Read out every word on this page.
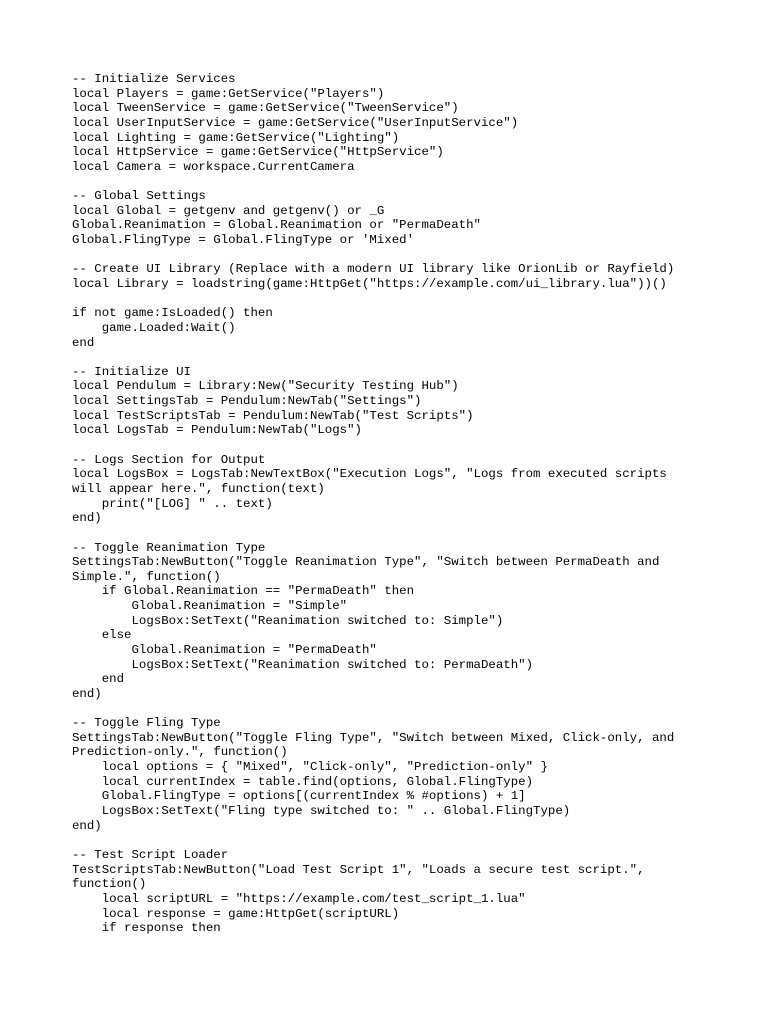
-- Initialize Services
local Players = game:GetService("Players")
local TweenService = game:GetService("TweenService")
local UserInputService = game:GetService("UserInputService")
local Lighting = game:GetService("Lighting")
local HttpService = game:GetService("HttpService")
local Camera = workspace.CurrentCamera
-- Global Settings
local Global = getgenv and getgenv() or _G
Global.Reanimation = Global.Reanimation or "PermaDeath"
Global.FlingType = Global.FlingType or 'Mixed'
-- Create UI Library (Replace with a modern UI library like OrionLib or Rayfield)
local Library = loadstring(game:HttpGet("https://example.com/ui_library.lua"))()
if not game:IsLoaded() then
game.Loaded:Wait()
end
-- Initialize UI
local Pendulum = Library:New("Security Testing Hub")
local SettingsTab = Pendulum:NewTab("Settings")
local TestScriptsTab = Pendulum:NewTab("Test Scripts")
local LogsTab = Pendulum:NewTab("Logs")
-- Logs Section for Output
local LogsBox = LogsTab:NewTextBox("Execution Logs", "Logs from executed scripts
will appear here.", function(text)
print("[LOG] " .. text)
end)
-- Toggle Reanimation Type
SettingsTab:NewButton("Toggle Reanimation Type", "Switch between PermaDeath and
Simple.", function()
if Global.Reanimation == "PermaDeath" then
Global.Reanimation = "Simple"
LogsBox:SetText("Reanimation switched to: Simple")
else
Global.Reanimation = "PermaDeath"
LogsBox:SetText("Reanimation switched to: PermaDeath")
end
end)
-- Toggle Fling Type
SettingsTab:NewButton("Toggle Fling Type", "Switch between Mixed, Click-only, and
Prediction-only.", function()
local options = { "Mixed", "Click-only", "Prediction-only" }
local currentIndex = table.find(options, Global.FlingType)
Global.FlingType = options[(currentIndex % #options) + 1]
LogsBox:SetText("Fling type switched to: " .. Global.FlingType)
end)
-- Test Script Loader
TestScriptsTab:NewButton("Load Test Script 1", "Loads a secure test script.",
function()
local scriptURL = "https://example.com/test_script_1.lua"
local response = game:HttpGet(scriptURL)
if response then
